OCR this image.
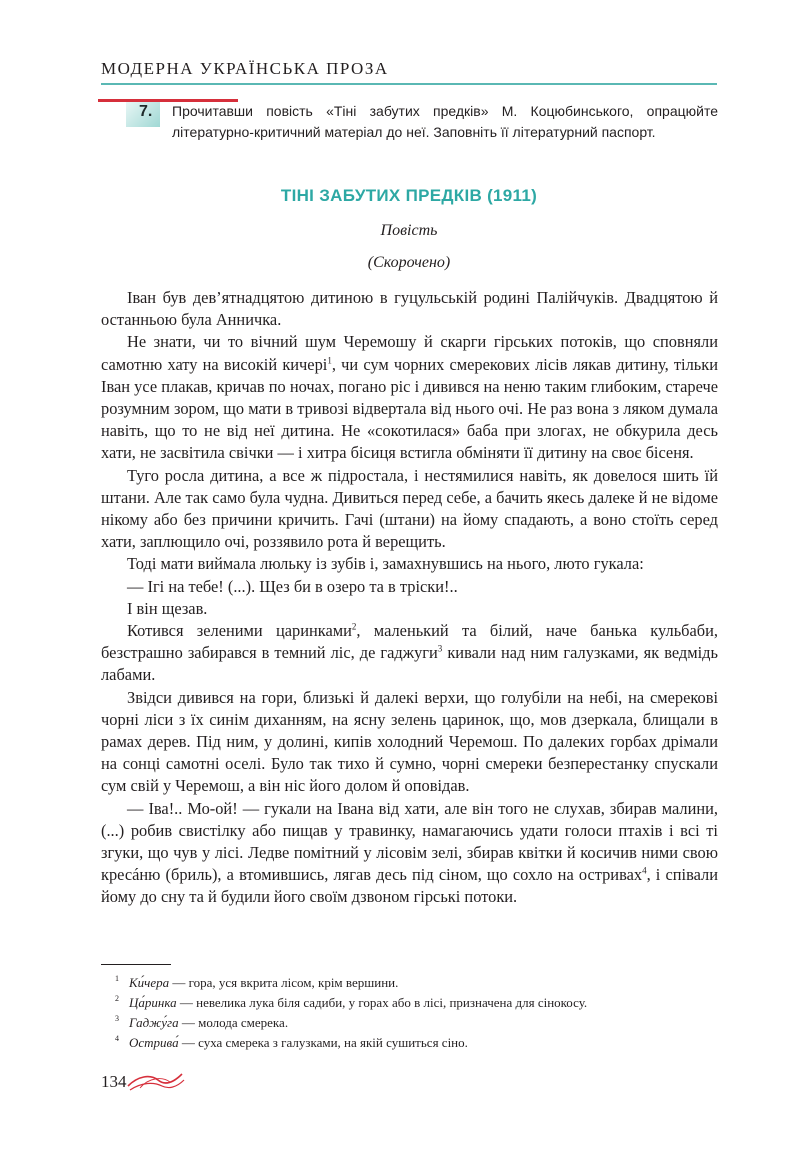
МОДЕРНА УКРАЇНСЬКА ПРОЗА
7. Прочитавши повість «Тіні забутих предків» М. Коцюбинського, опрацюйте літературно-критичний матеріал до неї. Заповніть її літературний паспорт.
ТІНІ ЗАБУТИХ ПРЕДКІВ (1911)
Повість
(Скорочено)

Іван був дев’ятнадцятою дитиною в гуцульській родині Палійчуків. Двадцятою й останньою була Анничка.

Не знати, чи то вічний шум Черемошу й скарги гірських потоків, що сповняли самотню хату на високій кичері$^1$, чи сум чорних смерекових лісів лякав дитину, тільки Іван усе плакав, кричав по ночах, погано ріс і дивився на неню таким глибоким, старече розумним зором, що мати в тривозі відвертала від нього очі. Не раз вона з ляком думала навіть, що то не від неї дитина. Не «сокотилася» баба при злогах, не обкурила десь хати, не засвітила свічки — і хитра бісиця встигла обміняти її дитину на своє бісеня.

Туго росла дитина, а все ж підростала, і нестямилися навіть, як довелося шить їй штани. Але так само була чудна. Дивиться перед себе, а бачить якесь далеке й не відоме нікому або без причини кричить. Гачі (штани) на йому спадають, а воно стоїть серед хати, заплющило очі, роззявило рота й верещить.

Тоді мати виймала люльку із зубів і, замахнувшись на нього, люто гукала:

— Ігі на тебе! (...). Щез би в озеро та в тріски!..

І він щезав.

Котився зеленими царинками$^2$, маленький та білий, наче банька кульбаби, безстрашно забирався в темний ліс, де гаджуги$^3$ кивали над ним галузками, як ведмідь лабами.

Звідси дивився на гори, близькі й далекі верхи, що голубіли на небі, на смерекові чорні ліси з їх синім диханням, на ясну зелень царинок, що, мов дзеркала, блищали в рамах дерев. Під ним, у долині, кипів холодний Черемош. По далеких горбах дрімали на сонці самотні оселі. Було так тихо й сумно, чорні смереки безперестанку спускали сум свій у Черемош, а він ніс його долом й оповідав.

— Іва!.. Мо-ой! — гукали на Івана від хати, але він того не слухав, збирав малини, (...) робив свистілку або пищав у травинку, намагаючись удати голоси птахів і всі ті згуки, що чув у лісі. Ледве помітний у лісовім зелі, збирав квітки й косичив ними свою кресáню (бриль), а втомившись, лягав десь під сіном, що сохло на остривах$^4$, і співали йому до сну та й будили його своїм дзвоном гірські потоки.

1 Ки́чера — гора, уся вкрита лісом, крім вершини.
2 Ца́ринка — невелика лука біля садиби, у горах або в лісі, призначена для сінокосу.
3 Гаджу́га — молода смерека.
4 Острива́ — суха смерека з галузками, на якій сушиться сіно.
134
